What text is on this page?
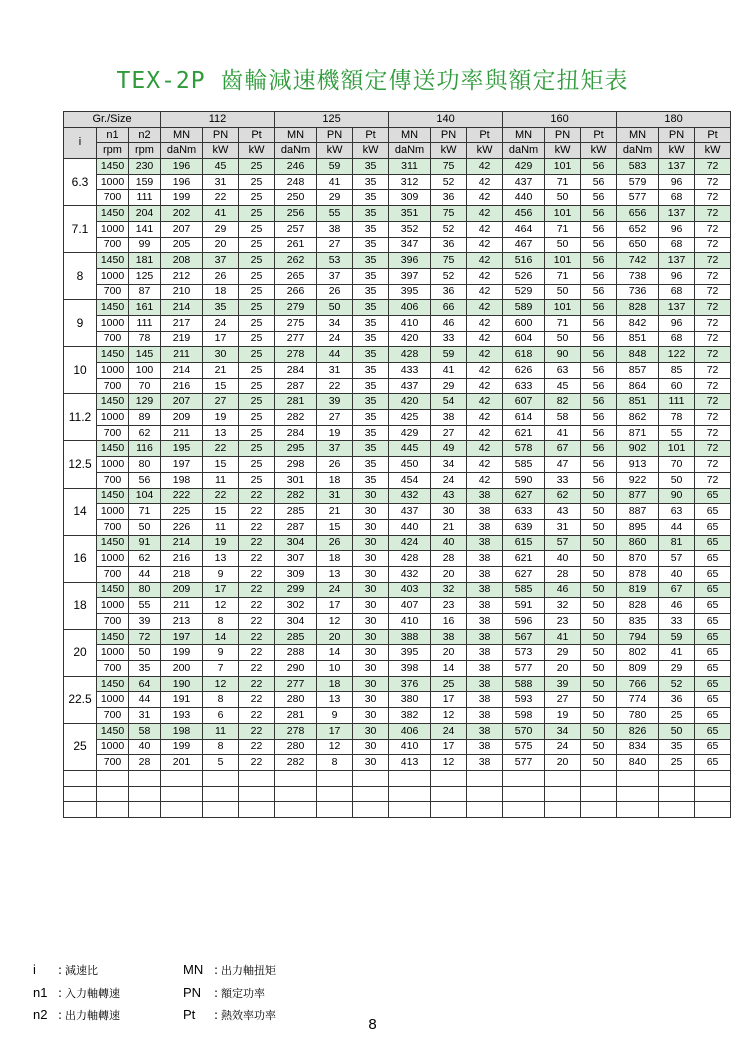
TEX-2P 齒輪減速機額定傳送功率與額定扭矩表
Gr./Size			112			125			140			160			180		
i	n1	n2	MN	PN	Pt	MN	PN	Pt	MN	PN	Pt	MN	PN	Pt	MN	PN	Pt
	rpm	rpm	daNm	kW	kW	daNm	kW	kW	daNm	kW	kW	daNm	kW	kW	daNm	kW	kW
6.3	1450	230	196	45	25	246	59	35	311	75	42	429	101	56	583	137	72
	1000	159	196	31	25	248	41	35	312	52	42	437	71	56	579	96	72
	700	111	199	22	25	250	29	35	309	36	42	440	50	56	577	68	72
7.1	1450	204	202	41	25	256	55	35	351	75	42	456	101	56	656	137	72
	1000	141	207	29	25	257	38	35	352	52	42	464	71	56	652	96	72
	700	99	205	20	25	261	27	35	347	36	42	467	50	56	650	68	72
8	1450	181	208	37	25	262	53	35	396	75	42	516	101	56	742	137	72
	1000	125	212	26	25	265	37	35	397	52	42	526	71	56	738	96	72
	700	87	210	18	25	266	26	35	395	36	42	529	50	56	736	68	72
9	1450	161	214	35	25	279	50	35	406	66	42	589	101	56	828	137	72
	1000	111	217	24	25	275	34	35	410	46	42	600	71	56	842	96	72
	700	78	219	17	25	277	24	35	420	33	42	604	50	56	851	68	72
10	1450	145	211	30	25	278	44	35	428	59	42	618	90	56	848	122	72
	1000	100	214	21	25	284	31	35	433	41	42	626	63	56	857	85	72
	700	70	216	15	25	287	22	35	437	29	42	633	45	56	864	60	72
11.2	1450	129	207	27	25	281	39	35	420	54	42	607	82	56	851	111	72
	1000	89	209	19	25	282	27	35	425	38	42	614	58	56	862	78	72
	700	62	211	13	25	284	19	35	429	27	42	621	41	56	871	55	72
12.5	1450	116	195	22	25	295	37	35	445	49	42	578	67	56	902	101	72
	1000	80	197	15	25	298	26	35	450	34	42	585	47	56	913	70	72
	700	56	198	11	25	301	18	35	454	24	42	590	33	56	922	50	72
14	1450	104	222	22	22	282	31	30	432	43	38	627	62	50	877	90	65
	1000	71	225	15	22	285	21	30	437	30	38	633	43	50	887	63	65
	700	50	226	11	22	287	15	30	440	21	38	639	31	50	895	44	65
16	1450	91	214	19	22	304	26	30	424	40	38	615	57	50	860	81	65
	1000	62	216	13	22	307	18	30	428	28	38	621	40	50	870	57	65
	700	44	218	9	22	309	13	30	432	20	38	627	28	50	878	40	65
18	1450	80	209	17	22	299	24	30	403	32	38	585	46	50	819	67	65
	1000	55	211	12	22	302	17	30	407	23	38	591	32	50	828	46	65
	700	39	213	8	22	304	12	30	410	16	38	596	23	50	835	33	65
20	1450	72	197	14	22	285	20	30	388	38	38	567	41	50	794	59	65
	1000	50	199	9	22	288	14	30	395	20	38	573	29	50	802	41	65
	700	35	200	7	22	290	10	30	398	14	38	577	20	50	809	29	65
22.5	1450	64	190	12	22	277	18	30	376	25	38	588	39	50	766	52	65
	1000	44	191	8	22	280	13	30	380	17	38	593	27	50	774	36	65
	700	31	193	6	22	281	9	30	382	12	38	598	19	50	780	25	65
25	1450	58	198	11	22	278	17	30	406	24	38	570	34	50	826	50	65
	1000	40	199	8	22	280	12	30	410	17	38	575	24	50	834	35	65
	700	28	201	5	22	282	8	30	413	12	38	577	20	50	840	25	65

i : 減速比
n1 : 入力軸轉速
n2 : 出力軸轉速
MN : 出力軸扭矩
PN : 額定功率
Pt : 熱效率功率
8
